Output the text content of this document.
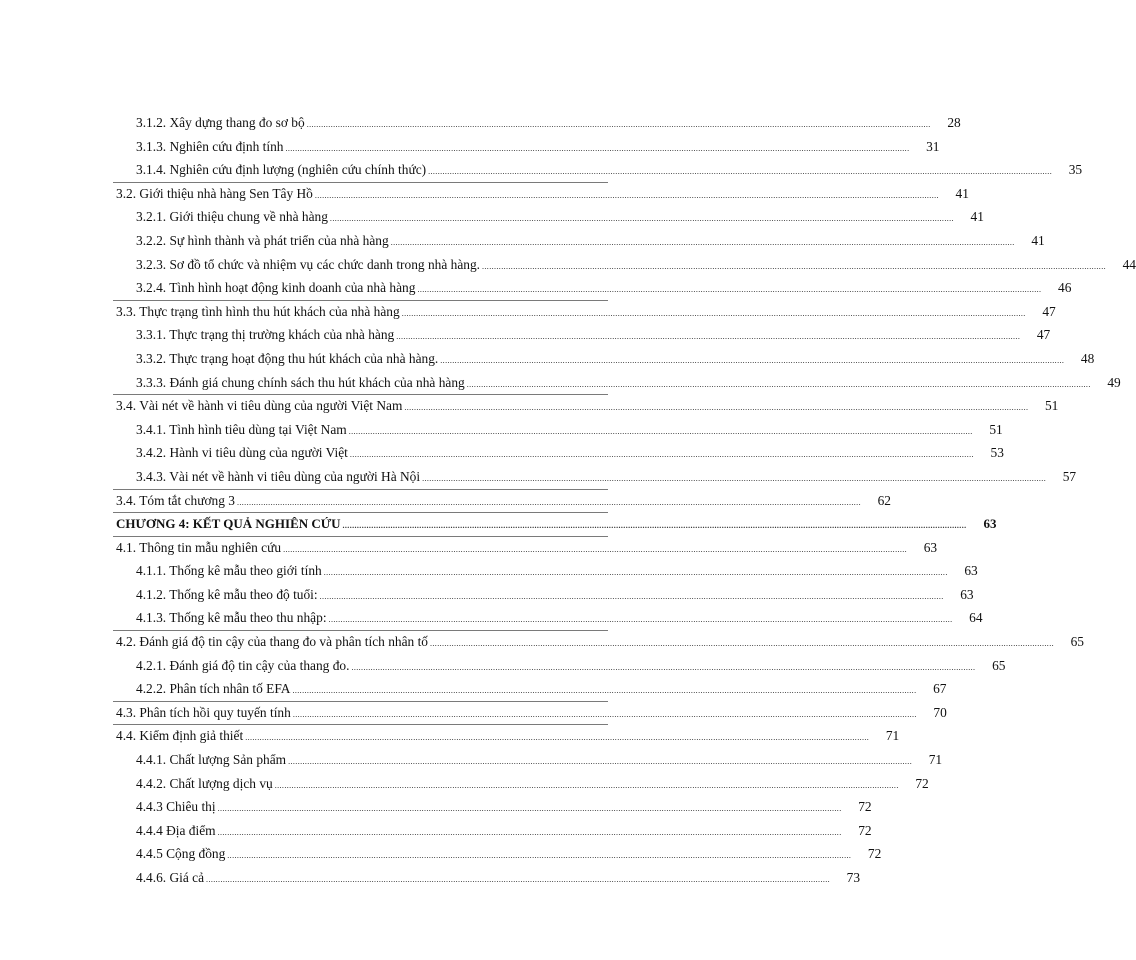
3.1.2. Xây dựng thang đo sơ bộ ....................................................................................................................................................................................................................................................................	28
3.1.3. Nghiên cứu định tính ....................................................................................................................................................................................................................................................................	31
3.1.4. Nghiên cứu định lượng (nghiên cứu chính thức) ....................................................................................................................................................................................................................................................................	35
3.2. Giới thiệu nhà hàng Sen Tây Hồ ....................................................................................................................................................................................................................................................................	41
3.2.1. Giới thiệu chung về nhà hàng ....................................................................................................................................................................................................................................................................	41
3.2.2. Sự hình thành và phát triển của nhà hàng ....................................................................................................................................................................................................................................................................	41
3.2.3. Sơ đồ tổ chức và nhiệm vụ các chức danh trong nhà hàng. ....................................................................................................................................................................................................................................................................	44
3.2.4. Tình hình hoạt động kinh doanh của nhà hàng ....................................................................................................................................................................................................................................................................	46
3.3. Thực trạng tình hình thu hút khách của nhà hàng ....................................................................................................................................................................................................................................................................	47
3.3.1. Thực trạng thị trường khách của nhà hàng ....................................................................................................................................................................................................................................................................	47
3.3.2. Thực trạng hoạt động thu hút khách của nhà hàng. ....................................................................................................................................................................................................................................................................	48
3.3.3. Đánh giá chung chính sách thu hút khách của nhà hàng ....................................................................................................................................................................................................................................................................	49
3.4. Vài nét về hành vi tiêu dùng của người Việt Nam ....................................................................................................................................................................................................................................................................	51
3.4.1. Tình hình tiêu dùng tại Việt Nam ....................................................................................................................................................................................................................................................................	51
3.4.2. Hành vi tiêu dùng của người Việt ....................................................................................................................................................................................................................................................................	53
3.4.3. Vài nét về hành vi tiêu dùng của người Hà Nội ....................................................................................................................................................................................................................................................................	57
3.4. Tóm tắt chương 3 ....................................................................................................................................................................................................................................................................	62
CHƯƠNG 4: KẾT QUẢ NGHIÊN CỨU ....................................................................................................................................................................................................................................................................	63
4.1. Thông tin mẫu nghiên cứu ....................................................................................................................................................................................................................................................................	63
4.1.1. Thống kê mẫu theo giới tính ....................................................................................................................................................................................................................................................................	63
4.1.2. Thống kê mẫu theo độ tuổi: ....................................................................................................................................................................................................................................................................	63
4.1.3. Thống kê mẫu theo thu nhập: ....................................................................................................................................................................................................................................................................	64
4.2. Đánh giá độ tin cậy của thang đo và phân tích nhân tố ....................................................................................................................................................................................................................................................................	65
4.2.1. Đánh giá độ tin cậy của thang đo. ....................................................................................................................................................................................................................................................................	65
4.2.2. Phân tích nhân tố EFA ....................................................................................................................................................................................................................................................................	67
4.3. Phân tích hồi quy tuyến tính ....................................................................................................................................................................................................................................................................	70
4.4. Kiểm định giả thiết ....................................................................................................................................................................................................................................................................	71
4.4.1. Chất lượng Sản phẩm ....................................................................................................................................................................................................................................................................	71
4.4.2. Chất lượng dịch vụ ....................................................................................................................................................................................................................................................................	72
4.4.3 Chiêu thị ....................................................................................................................................................................................................................................................................	72
4.4.4 Địa điểm ....................................................................................................................................................................................................................................................................	72
4.4.5 Cộng đồng ....................................................................................................................................................................................................................................................................	72
4.4.6. Giá cả ....................................................................................................................................................................................................................................................................	73
